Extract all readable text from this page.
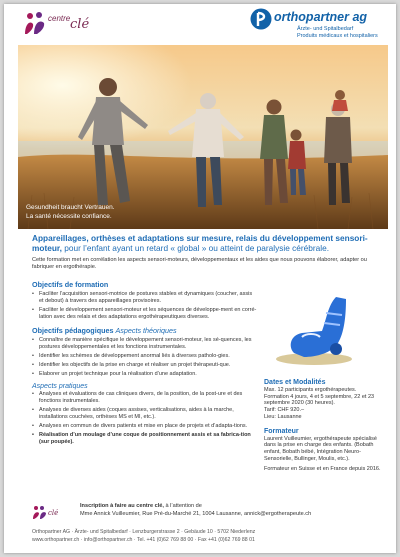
centre clé	orthopartner ag
Ärzte- und Spitalbedarf
Produits médicaux et hospitaliers
Gesundheit braucht Vertrauen.
La santé nécessite confiance.
Appareillages, orthèses et adaptations sur mesure, relais du développement sensori-moteur, pour l’enfant ayant un retard « global » ou atteint de paralysie cérébrale.
Cette formation met en corrélation les aspects sensori-moteurs, développementaux et les aides que nous pouvons élaborer, adapter ou fabriquer en ergothérapie.
Objectifs de formation
• Faciliter l’acquisition sensori-motrice de postures stables et dynamiques (coucher, assis et debout) à travers des appareillages provisoires.
• Faciliter le développement sensori-moteur et les séquences de développe-ment en corré-lation avec des relais et des adaptations ergothérapeutiques diverses.
Objectifs pédagogiques Aspects théoriques
• Connaître de manière spécifique le développement sensori-moteur, les sé-quences, les postures développementales et les fonctions instrumentales.
• Identifier les schèmes de développement anormal liés à diverses patholo-gies.
• Identifier les objectifs de la prise en charge et réaliser un projet thérapeuti-que.
• Elaborer un projet technique pour la réalisation d’une adaptation.
Aspects pratiques
• Analyses et évaluations de cas cliniques divers, de la position, de la post-ure et des fonctions instrumentales.
• Analyses de diverses aides (coques assises, verticalisations, aides à la marche, installations couchées, orthèses MS et MI, etc.).
• Analyses en commun de divers patients et mise en place de projets et d’adapta-tions.
• Réalisation d’un moulage d’une coque de positionnement assis et sa fabrica-tion (sur poupée).
Dates et Modalités
Max. 12 participants ergothérapeutes.
Formation 4 jours, 4 et 5 septembre, 22 et 23 septembre 2020 (30 heures).
Tarif: CHF 920.–
Lieu: Lausanne
Formateur
Laurent Vuilleumier, ergothérapeute spécialisé dans la prise en charge des enfants. (Bobath enfant, Bobath bébé, Intégration Neuro-Sensorielle, Bullinger, Moulis, etc.).
Formateur en Suisse et en France depuis 2016.
clé
Inscription à faire au centre clé, à l’attention de
Mme Annick Vuilleumier, Rue Pré-du-Marché 21, 1004 Lausanne, annick@ergotherapeute.ch
Orthopartner AG · Ärzte- und Spitalbedarf · Lenzburgerstrasse 2 · Gebäude 10 · 5702 Niederlenz
www.orthopartner.ch · info@orthopartner.ch · Tel. +41 (0)62 769 88 00 · Fax +41 (0)62 769 88 01
